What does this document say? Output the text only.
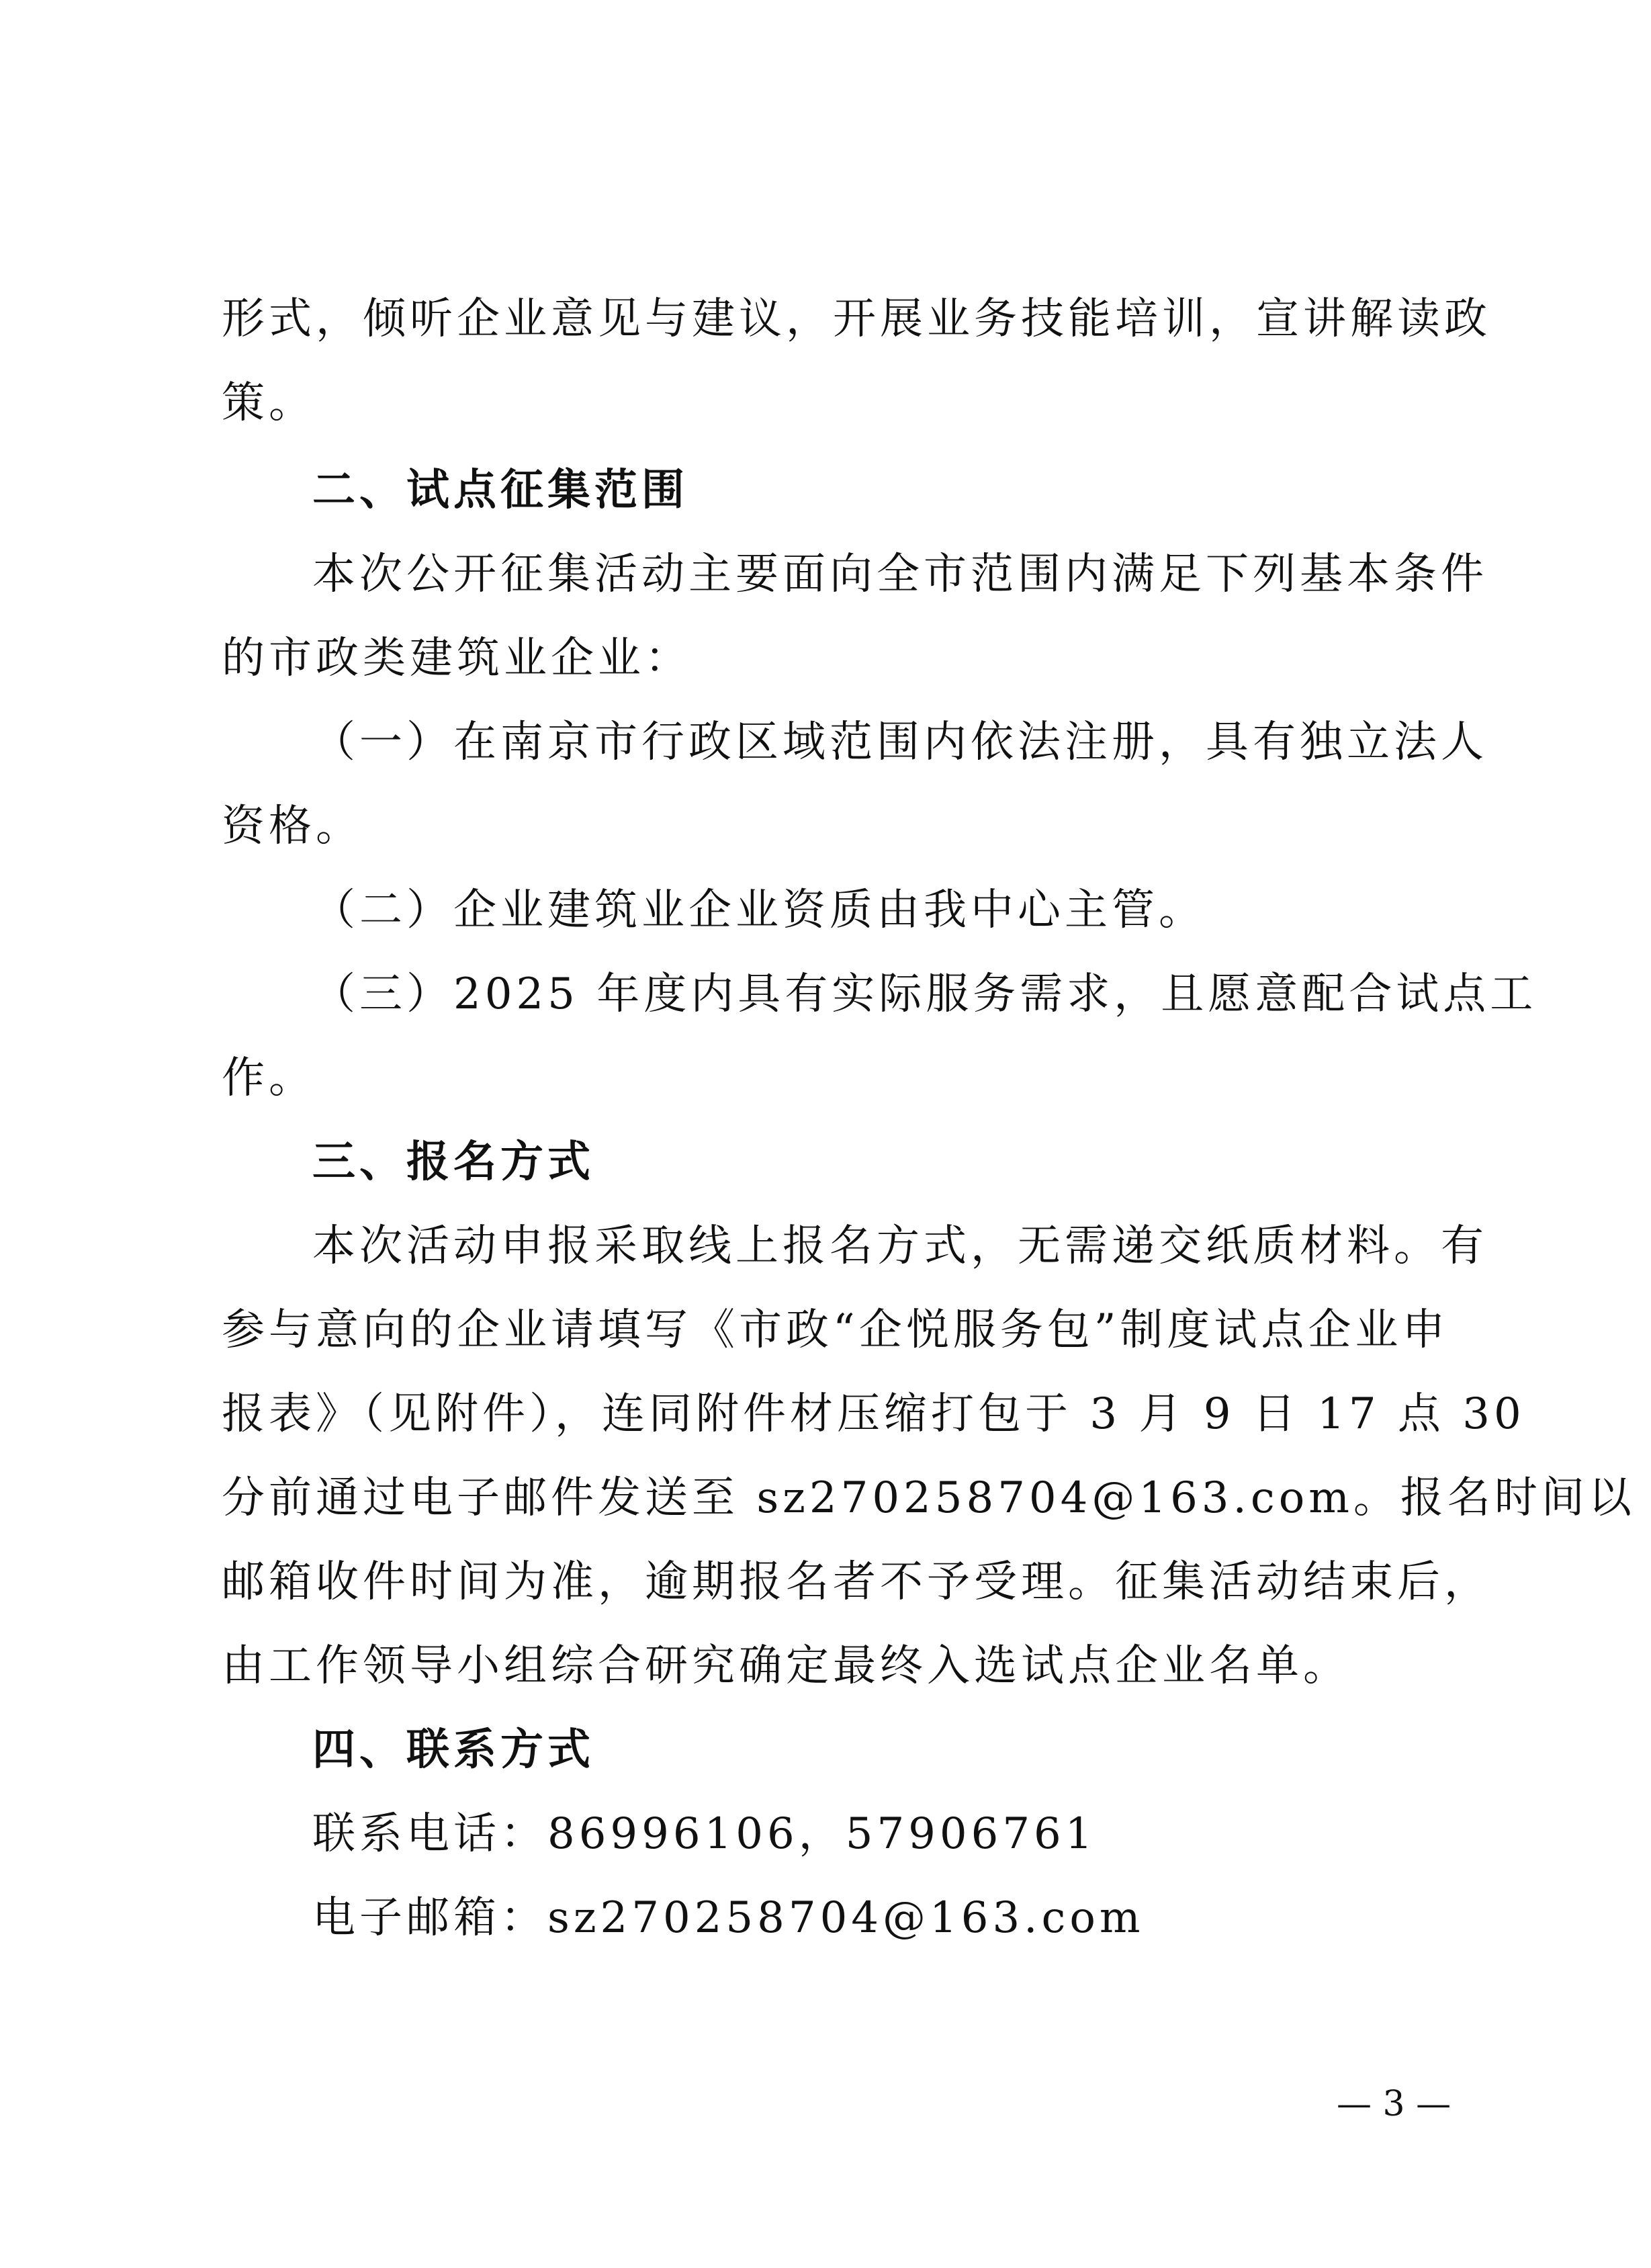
形式，倾听企业意见与建议，开展业务技能培训，宣讲解读政
策。
二、试点征集范围
本次公开征集活动主要面向全市范围内满足下列基本条件
的市政类建筑业企业：
（一）在南京市行政区域范围内依法注册，具有独立法人
资格。
（二）企业建筑业企业资质由我中心主管。
（三）2025 年度内具有实际服务需求，且愿意配合试点工
作。
三、报名方式
本次活动申报采取线上报名方式，无需递交纸质材料。有
参与意向的企业请填写《市政“企悦服务包”制度试点企业申
报表》（见附件），连同附件材压缩打包于 3 月 9 日 17 点 30
分前通过电子邮件发送至 sz270258704@163.com。报名时间以
邮箱收件时间为准，逾期报名者不予受理。征集活动结束后，
由工作领导小组综合研究确定最终入选试点企业名单。
四、联系方式
联系电话：86996106，57906761
电子邮箱：sz270258704@163.com
— 3 —
